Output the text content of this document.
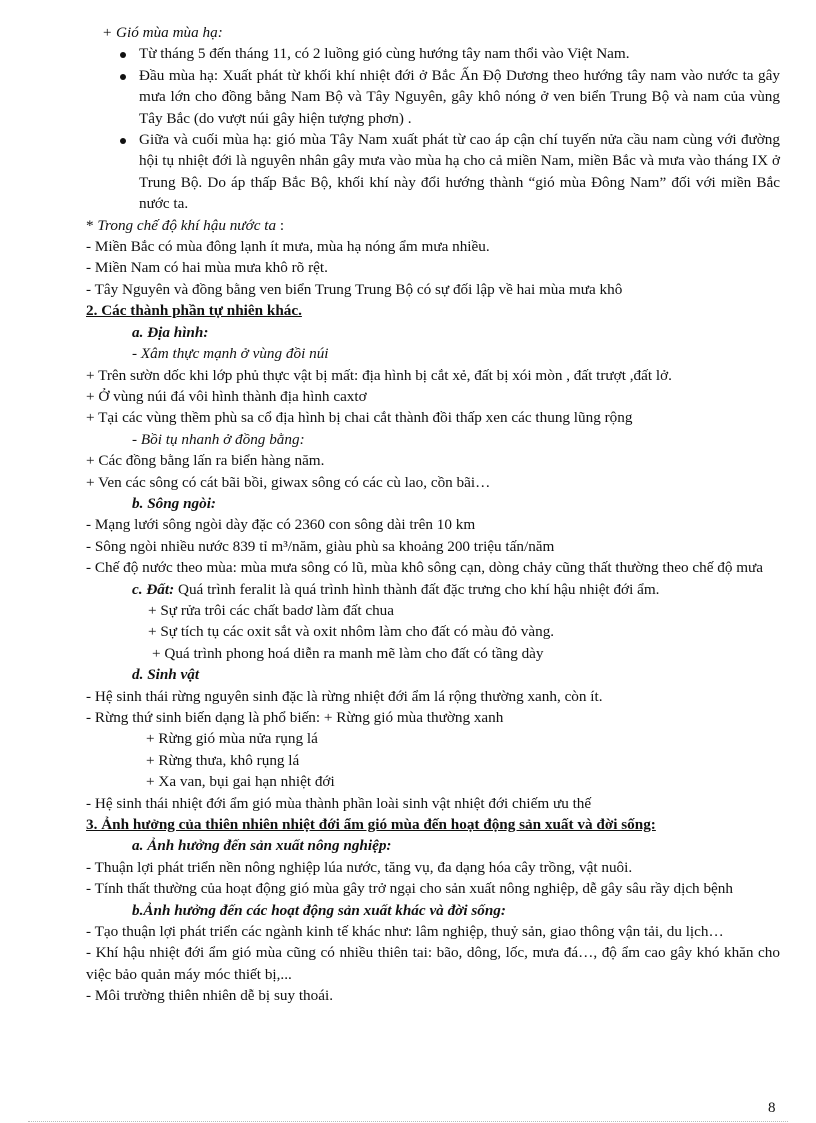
+ Gió mùa mùa hạ:

Từ tháng 5 đến tháng 11, có 2 luồng gió cùng hướng tây nam thổi vào Việt Nam.
Đầu mùa hạ: Xuất phát từ khối khí nhiệt đới ở Bắc Ấn Độ Dương theo hướng tây nam vào nước ta gây mưa lớn cho đồng bằng Nam Bộ và Tây Nguyên, gây khô nóng ở ven biển Trung Bộ và nam của vùng Tây Bắc (do vượt núi gây hiện tượng phơn) .
Giữa và cuối mùa hạ: gió mùa Tây Nam xuất phát từ cao áp cận chí tuyến nửa cầu nam cùng với đường hội tụ nhiệt đới là nguyên nhân gây mưa vào mùa hạ cho cả miền Nam, miền Bắc và mưa vào tháng IX ở Trung Bộ. Do áp thấp Bắc Bộ, khối khí này đổi hướng thành “gió mùa Đông Nam” đối với miền Bắc nước ta.

* Trong chế độ khí hậu nước ta :

- Miền Bắc có mùa đông lạnh ít mưa, mùa hạ nóng ẩm mưa nhiều.

- Miền Nam có hai mùa mưa khô rõ rệt.

- Tây Nguyên và đồng bằng ven biển Trung Trung Bộ có sự đối lập về hai mùa mưa khô

2. Các thành phần tự nhiên khác.

a. Địa hình:

- Xâm thực mạnh ở vùng đồi núi

+ Trên sườn dốc khi lớp phủ thực vật bị mất: địa hình bị cắt xẻ, đất bị xói mòn , đất trượt ,đất lở.

+ Ở vùng núi đá vôi hình thành địa hình caxtơ

+ Tại các vùng thềm phù sa cổ địa hình bị chai cắt thành đồi thấp xen các thung lũng rộng

- Bồi tụ nhanh ở đồng bằng:

+ Các đồng bằng lấn ra biển hàng năm.

+ Ven các sông có cát bãi bồi, giwax sông có các cù lao, cồn bãi…

b. Sông ngòi:

- Mạng lưới sông ngòi dày đặc có 2360 con sông dài trên 10 km

- Sông ngòi nhiều nước 839 tỉ m³/năm, giàu phù sa khoảng 200 triệu tấn/năm

- Chế độ nước theo mùa: mùa mưa sông có lũ, mùa khô sông cạn, dòng chảy cũng thất thường theo chế độ mưa

c. Đất: Quá trình feralit là quá trình hình thành đất đặc trưng cho khí hậu nhiệt đới ẩm.

+ Sự rửa trôi các chất badơ làm đất chua

+ Sự tích tụ các oxit sắt và oxit nhôm làm cho đất có màu đỏ vàng.

+ Quá trình phong hoá diễn ra manh mẽ làm cho đất có tầng dày

d. Sinh vật

- Hệ sinh thái rừng nguyên sinh đặc là rừng nhiệt đới ẩm lá rộng thường xanh, còn ít.

- Rừng thứ sinh biến dạng là phổ biến: + Rừng gió mùa thường xanh

+ Rừng gió mùa nửa rụng lá

+ Rừng thưa, khô rụng lá

+ Xa van, bụi gai hạn nhiệt đới

- Hệ sinh thái nhiệt đới ẩm gió mùa thành phần loài sinh vật nhiệt đới chiếm ưu thế

3. Ảnh hưởng của thiên nhiên nhiệt đới ẩm gió mùa đến hoạt động sản xuất và đời sống:

a. Ảnh hưởng đến sản xuất nông nghiệp:

- Thuận lợi phát triển nền nông nghiệp lúa nước, tăng vụ, đa dạng hóa cây trồng, vật nuôi.

- Tính thất thường của hoạt động gió mùa gây trở ngại cho sản xuất nông nghiệp, dễ gây sâu rầy dịch bệnh

b.Ảnh hưởng đến các hoạt động sản xuất khác và đời sống:

- Tạo thuận lợi phát triển các ngành kinh tế khác như: lâm nghiệp, thuỷ sản, giao thông vận tải, du lịch…

- Khí hậu nhiệt đới ẩm gió mùa cũng có nhiều thiên tai: bão, dông, lốc, mưa đá…, độ ẩm cao gây khó khăn cho việc bảo quản máy móc thiết bị,...

- Môi trường thiên nhiên dễ bị suy thoái.

8
